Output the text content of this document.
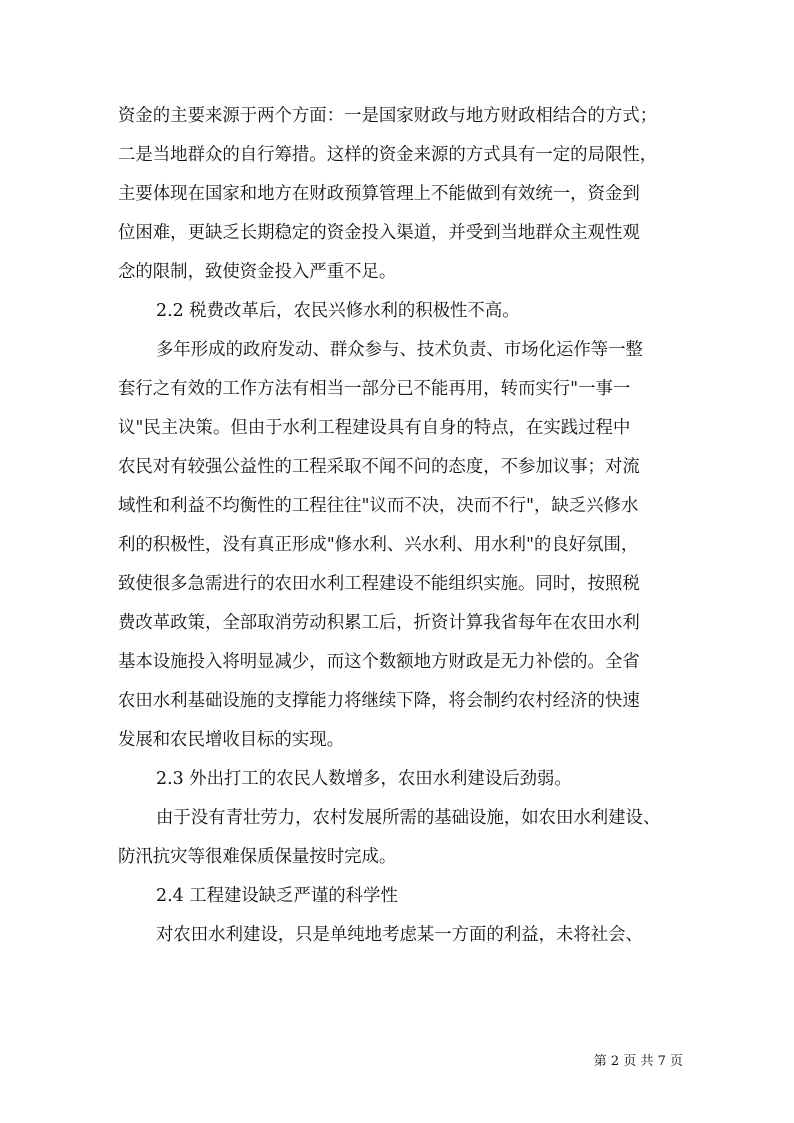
资金的主要来源于两个方面：一是国家财政与地方财政相结合的方式；
二是当地群众的自行筹措。这样的资金来源的方式具有一定的局限性，
主要体现在国家和地方在财政预算管理上不能做到有效统一，资金到
位困难，更缺乏长期稳定的资金投入渠道，并受到当地群众主观性观
念的限制，致使资金投入严重不足。
2.2 税费改革后，农民兴修水利的积极性不高。
多年形成的政府发动、群众参与、技术负责、市场化运作等一整
套行之有效的工作方法有相当一部分已不能再用，转而实行"一事一
议"民主决策。但由于水利工程建设具有自身的特点，在实践过程中
农民对有较强公益性的工程采取不闻不问的态度，不参加议事；对流
域性和利益不均衡性的工程往往"议而不决，决而不行"，缺乏兴修水
利的积极性，没有真正形成"修水利、兴水利、用水利"的良好氛围，
致使很多急需进行的农田水利工程建设不能组织实施。同时，按照税
费改革政策，全部取消劳动积累工后，折资计算我省每年在农田水利
基本设施投入将明显减少，而这个数额地方财政是无力补偿的。全省
农田水利基础设施的支撑能力将继续下降，将会制约农村经济的快速
发展和农民增收目标的实现。
2.3 外出打工的农民人数增多，农田水利建设后劲弱。
由于没有青壮劳力，农村发展所需的基础设施，如农田水利建设、
防汛抗灾等很难保质保量按时完成。
2.4 工程建设缺乏严谨的科学性
对农田水利建设，只是单纯地考虑某一方面的利益，未将社会、
第 2 页 共 7 页
